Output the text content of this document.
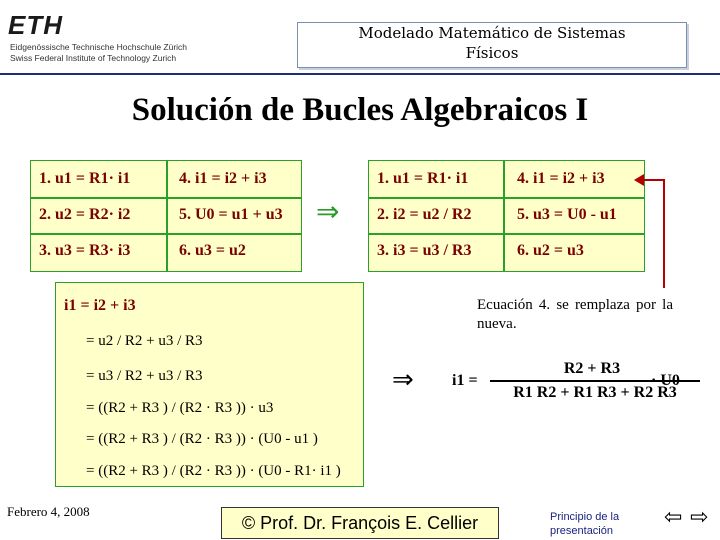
ETH
Eidgenössische Technische Hochschule Zürich
Swiss Federal Institute of Technology Zurich
Modelado Matemático de Sistemas
Físicos
Solución de Bucles Algebraicos I
1. u1 = R1· i1	4. i1 = i2 + i3
2. u2 = R2· i2	5. U0 = u1 + u3
3. u3 = R3· i3	6. u3 = u2
⇒
1. u1 = R1· i1	4. i1 = i2 + i3
2. i2 = u2 / R2	5. u3 = U0 - u1
3. i3 = u3 / R3	6. u2 = u3
i1 = i2 + i3
= u2 / R2 + u3 / R3
= u3 / R2 + u3 / R3
= ((R2 + R3 ) / (R2 · R3 )) · u3
= ((R2 + R3 ) / (R2 · R3 )) · (U0 - u1 )
= ((R2 + R3 ) / (R2 · R3 )) · (U0 - R1· i1 )
Ecuación 4. se remplaza por la nueva.
⇒ i1 =
R2 + R3
R1 R2 + R1 R3 + R2 R3
· U0
Febrero 4, 2008
© Prof. Dr. François E. Cellier	Principio de la presentación
⇦ ⇨
